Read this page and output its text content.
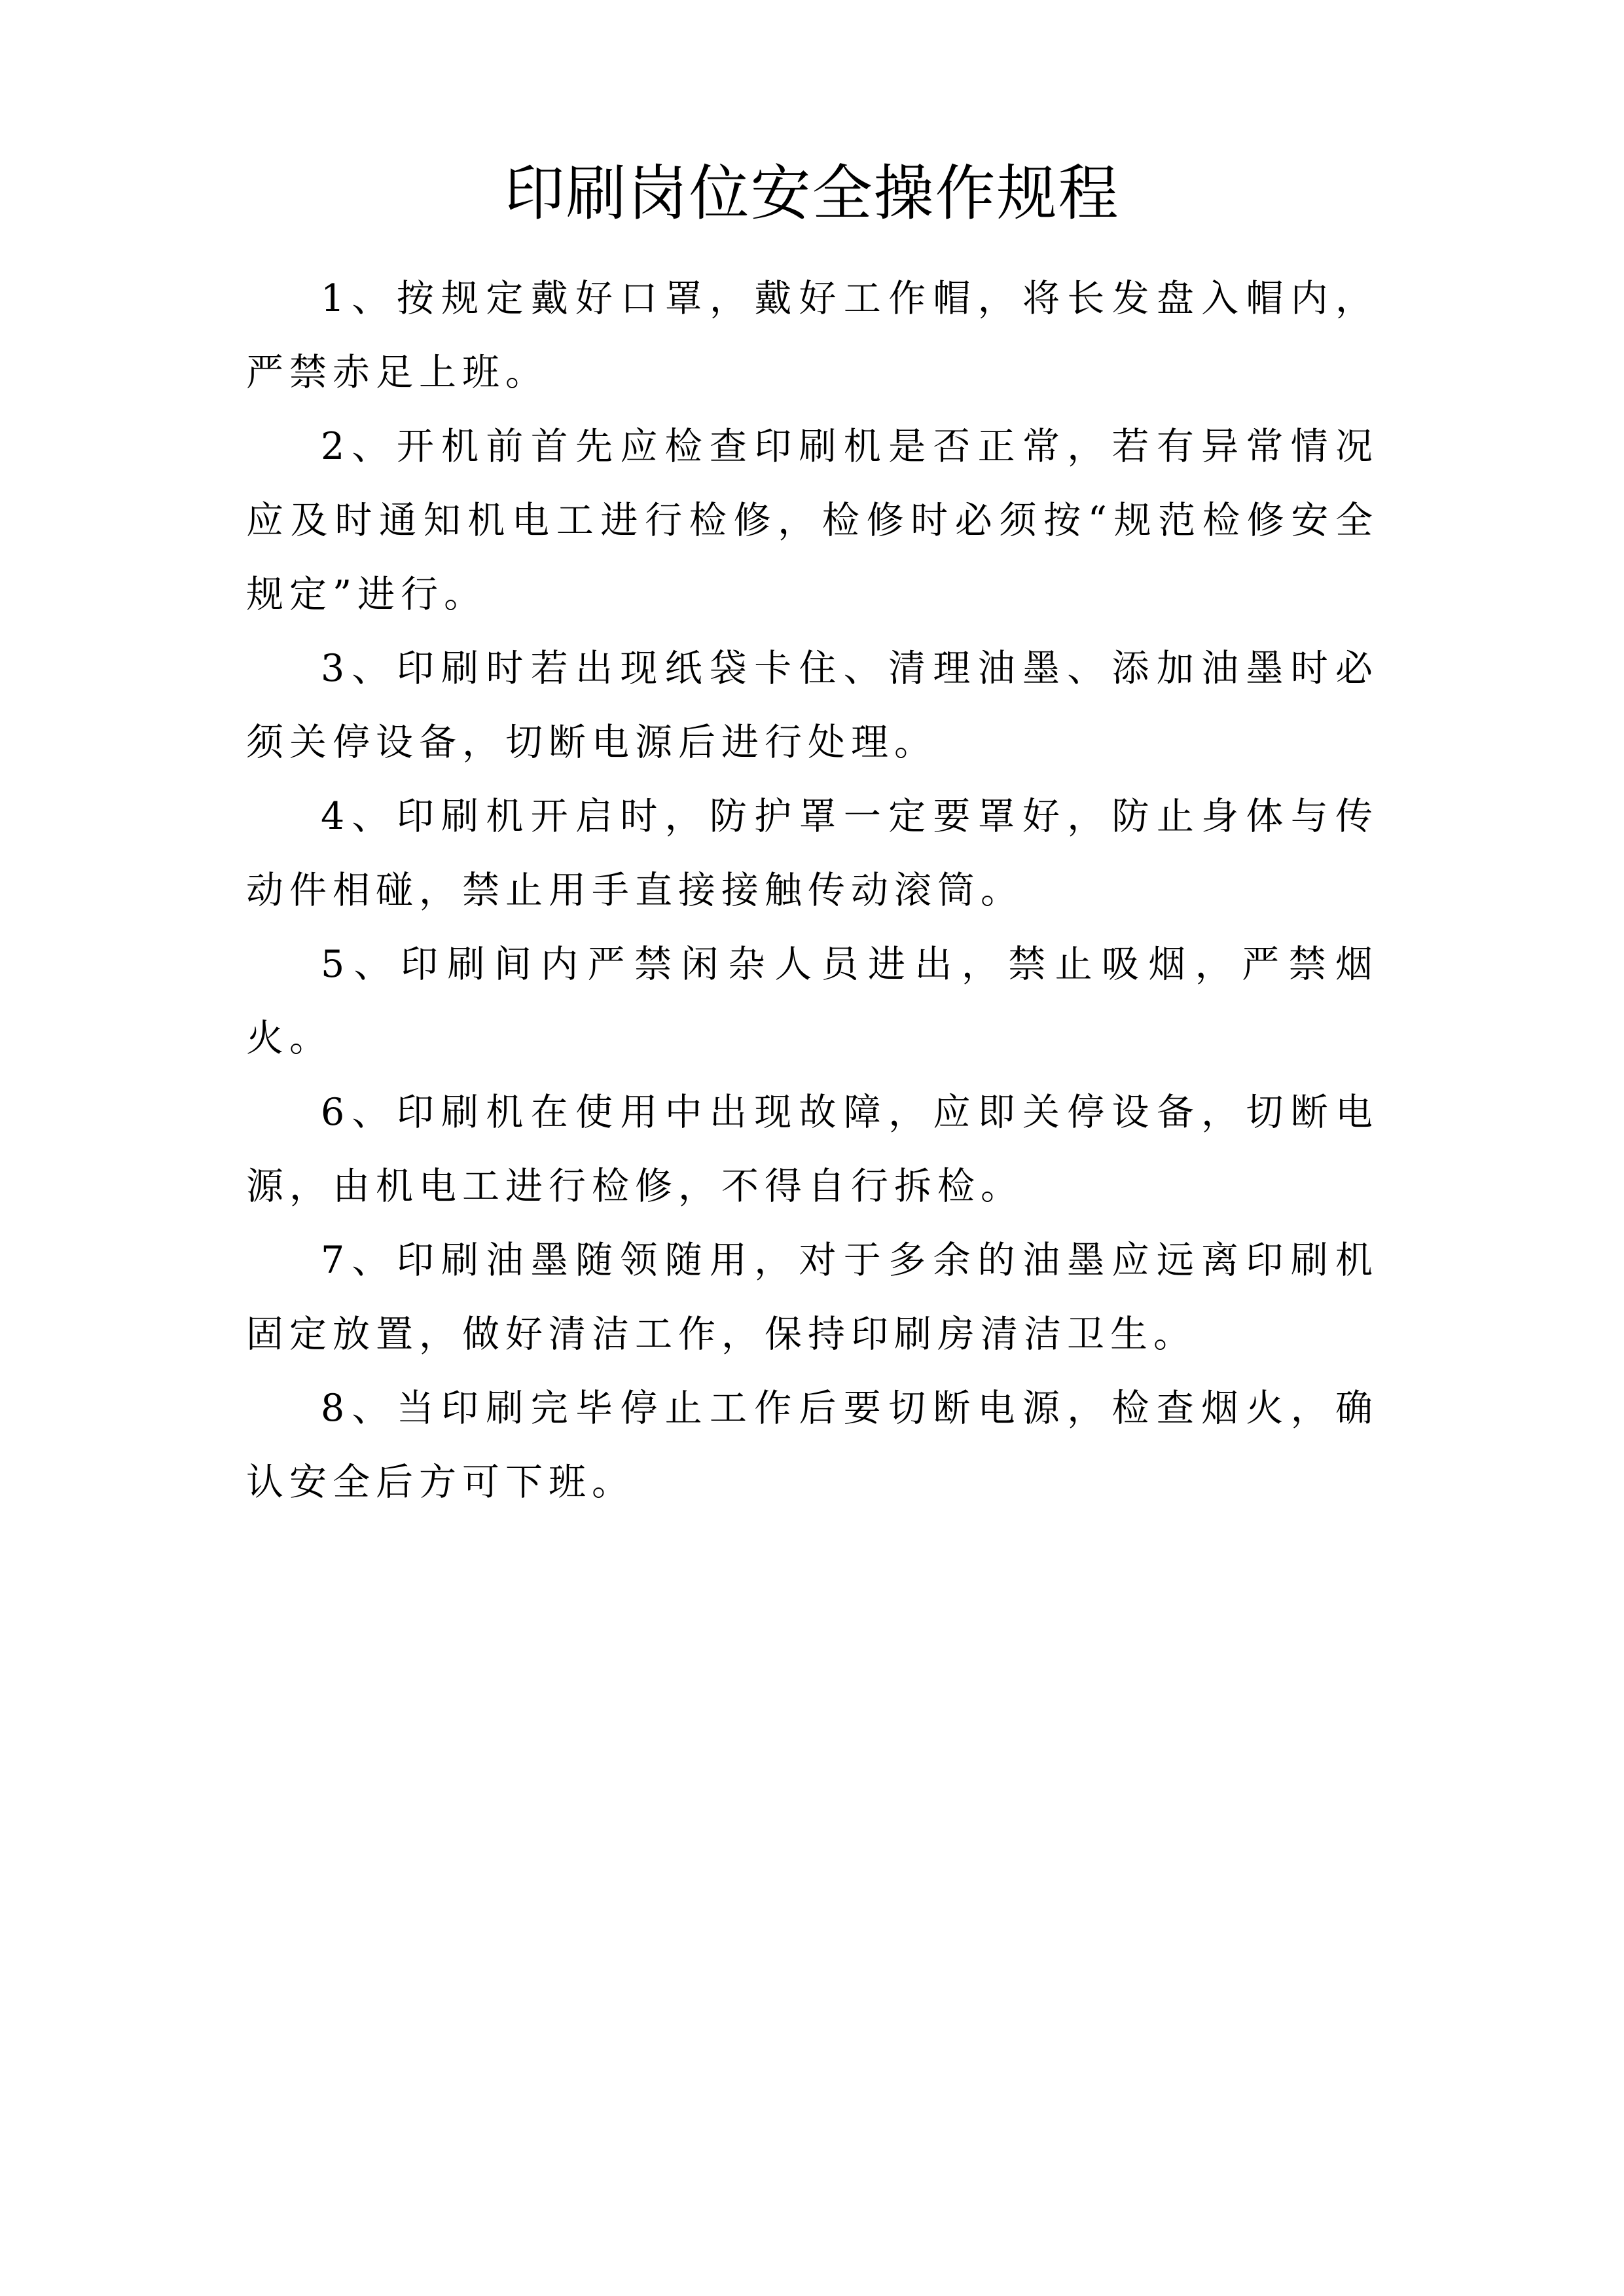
印刷岗位安全操作规程

1、按规定戴好口罩，戴好工作帽，将长发盘入帽内，严禁赤足上班。

2、开机前首先应检查印刷机是否正常，若有异常情况应及时通知机电工进行检修，检修时必须按“规范检修安全规定”进行。

3、印刷时若出现纸袋卡住、清理油墨、添加油墨时必须关停设备，切断电源后进行处理。

4、印刷机开启时，防护罩一定要罩好，防止身体与传动件相碰，禁止用手直接接触传动滚筒。

5、印刷间内严禁闲杂人员进出，禁止吸烟，严禁烟火。

6、印刷机在使用中出现故障，应即关停设备，切断电源，由机电工进行检修，不得自行拆检。

7、印刷油墨随领随用，对于多余的油墨应远离印刷机固定放置，做好清洁工作，保持印刷房清洁卫生。

8、当印刷完毕停止工作后要切断电源，检查烟火，确认安全后方可下班。
